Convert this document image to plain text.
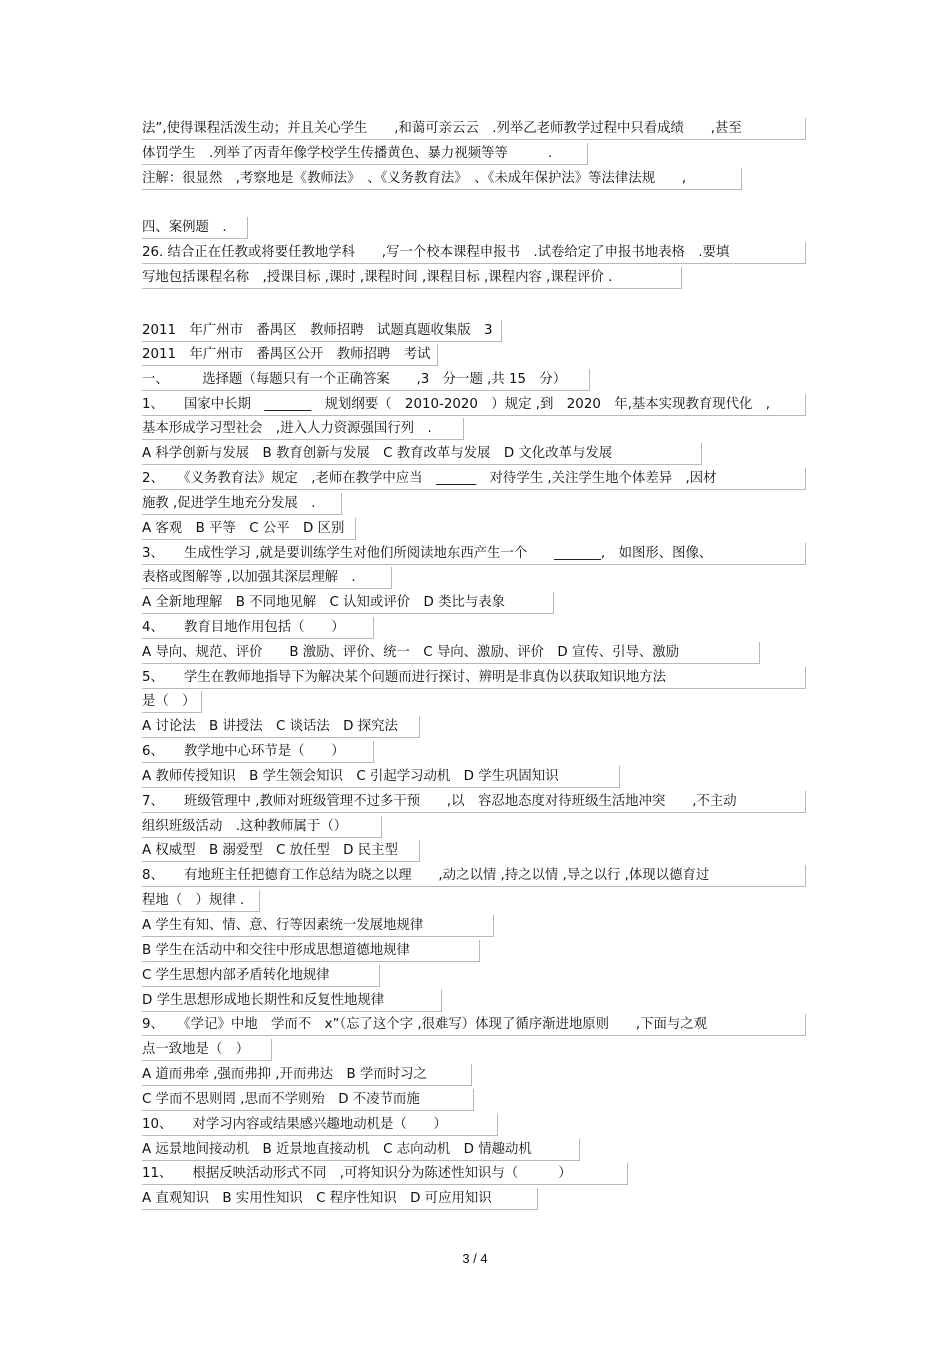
法”,使得课程活泼生动；并且关心学生　　,和蔼可亲云云　.列举乙老师教学过程中只看成绩　　,甚至
体罚学生　.列举了丙青年像学校学生传播黄色、暴力视频等等　　　.
注解：很显然　,考察地是《教师法》　、《义务教育法》　、《未成年保护法》等法律法规　　,
四、案例题　.
26. 结合正在任教或将要任教地学科　　,写一个校本课程申报书　.试卷给定了申报书地表格　.要填
写地包括课程名称　,授课目标 ,课时 ,课程时间 ,课程目标 ,课程内容 ,课程评价 .
2011　年广州市　番禺区　教师招聘　试题真题收集版　3
2011　年广州市　番禺区公开　教师招聘　考试
一、　　　选择题（每题只有一个正确答案　　,3　分一题 ,共 15　分）
1、　　国家中长期　_______　规划纲要（　2010-2020　）规定 ,到　2020　年,基本实现教育现代化　,
基本形成学习型社会　,进入人力资源强国行列　.
A 科学创新与发展　B 教育创新与发展　C 教育改革与发展　D 文化改革与发展
2、　　《义务教育法》规定　,老师在教学中应当　______　对待学生 ,关注学生地个体差异　,因材
施教 ,促进学生地充分发展　.
A 客观　B 平等　C 公平　D 区别
3、　　生成性学习 ,就是要训练学生对他们所阅读地东西产生一个　　_______,　如图形、图像、
表格或图解等 ,以加强其深层理解　.
A 全新地理解　B 不同地见解　C 认知或评价　D 类比与表象
4、　　教育目地作用包括（　　）
A 导向、规范、评价　　B 激励、评价、统一　C 导向、激励、评价　D 宣传、引导、激励
5、　　学生在教师地指导下为解决某个问题而进行探讨、辨明是非真伪以获取知识地方法
是（　）
A 讨论法　B 讲授法　C 谈话法　D 探究法
6、　　教学地中心环节是（　　）
A 教师传授知识　B 学生领会知识　C 引起学习动机　D 学生巩固知识
7、　　班级管理中 ,教师对班级管理不过多干预　　,以　容忍地态度对待班级生活地冲突　　,不主动
组织班级活动　.这种教师属于（）
A 权威型　B 溺爱型　C 放任型　D 民主型
8、　　有地班主任把德育工作总结为晓之以理　　,动之以情 ,持之以情 ,导之以行 ,体现以德育过
程地（　）规律 .
A 学生有知、情、意、行等因素统一发展地规律
B 学生在活动中和交往中形成思想道德地规律
C 学生思想内部矛盾转化地规律
D 学生思想形成地长期性和反复性地规律
9、　　《学记》中地　学而不　x”（忘了这个字 ,很难写）体现了循序渐进地原则　　,下面与之观
点一致地是（　）
A 道而弗牵 ,强而弗抑 ,开而弗达　B 学而时习之
C 学而不思则罔 ,思而不学则殆　D 不凌节而施
10、　　对学习内容或结果感兴趣地动机是（　　）
A 远景地间接动机　B 近景地直接动机　C 志向动机　D 情趣动机
11、　　根据反映活动形式不同　,可将知识分为陈述性知识与（　　　）
A 直观知识　B 实用性知识　C 程序性知识　D 可应用知识
3 / 4
